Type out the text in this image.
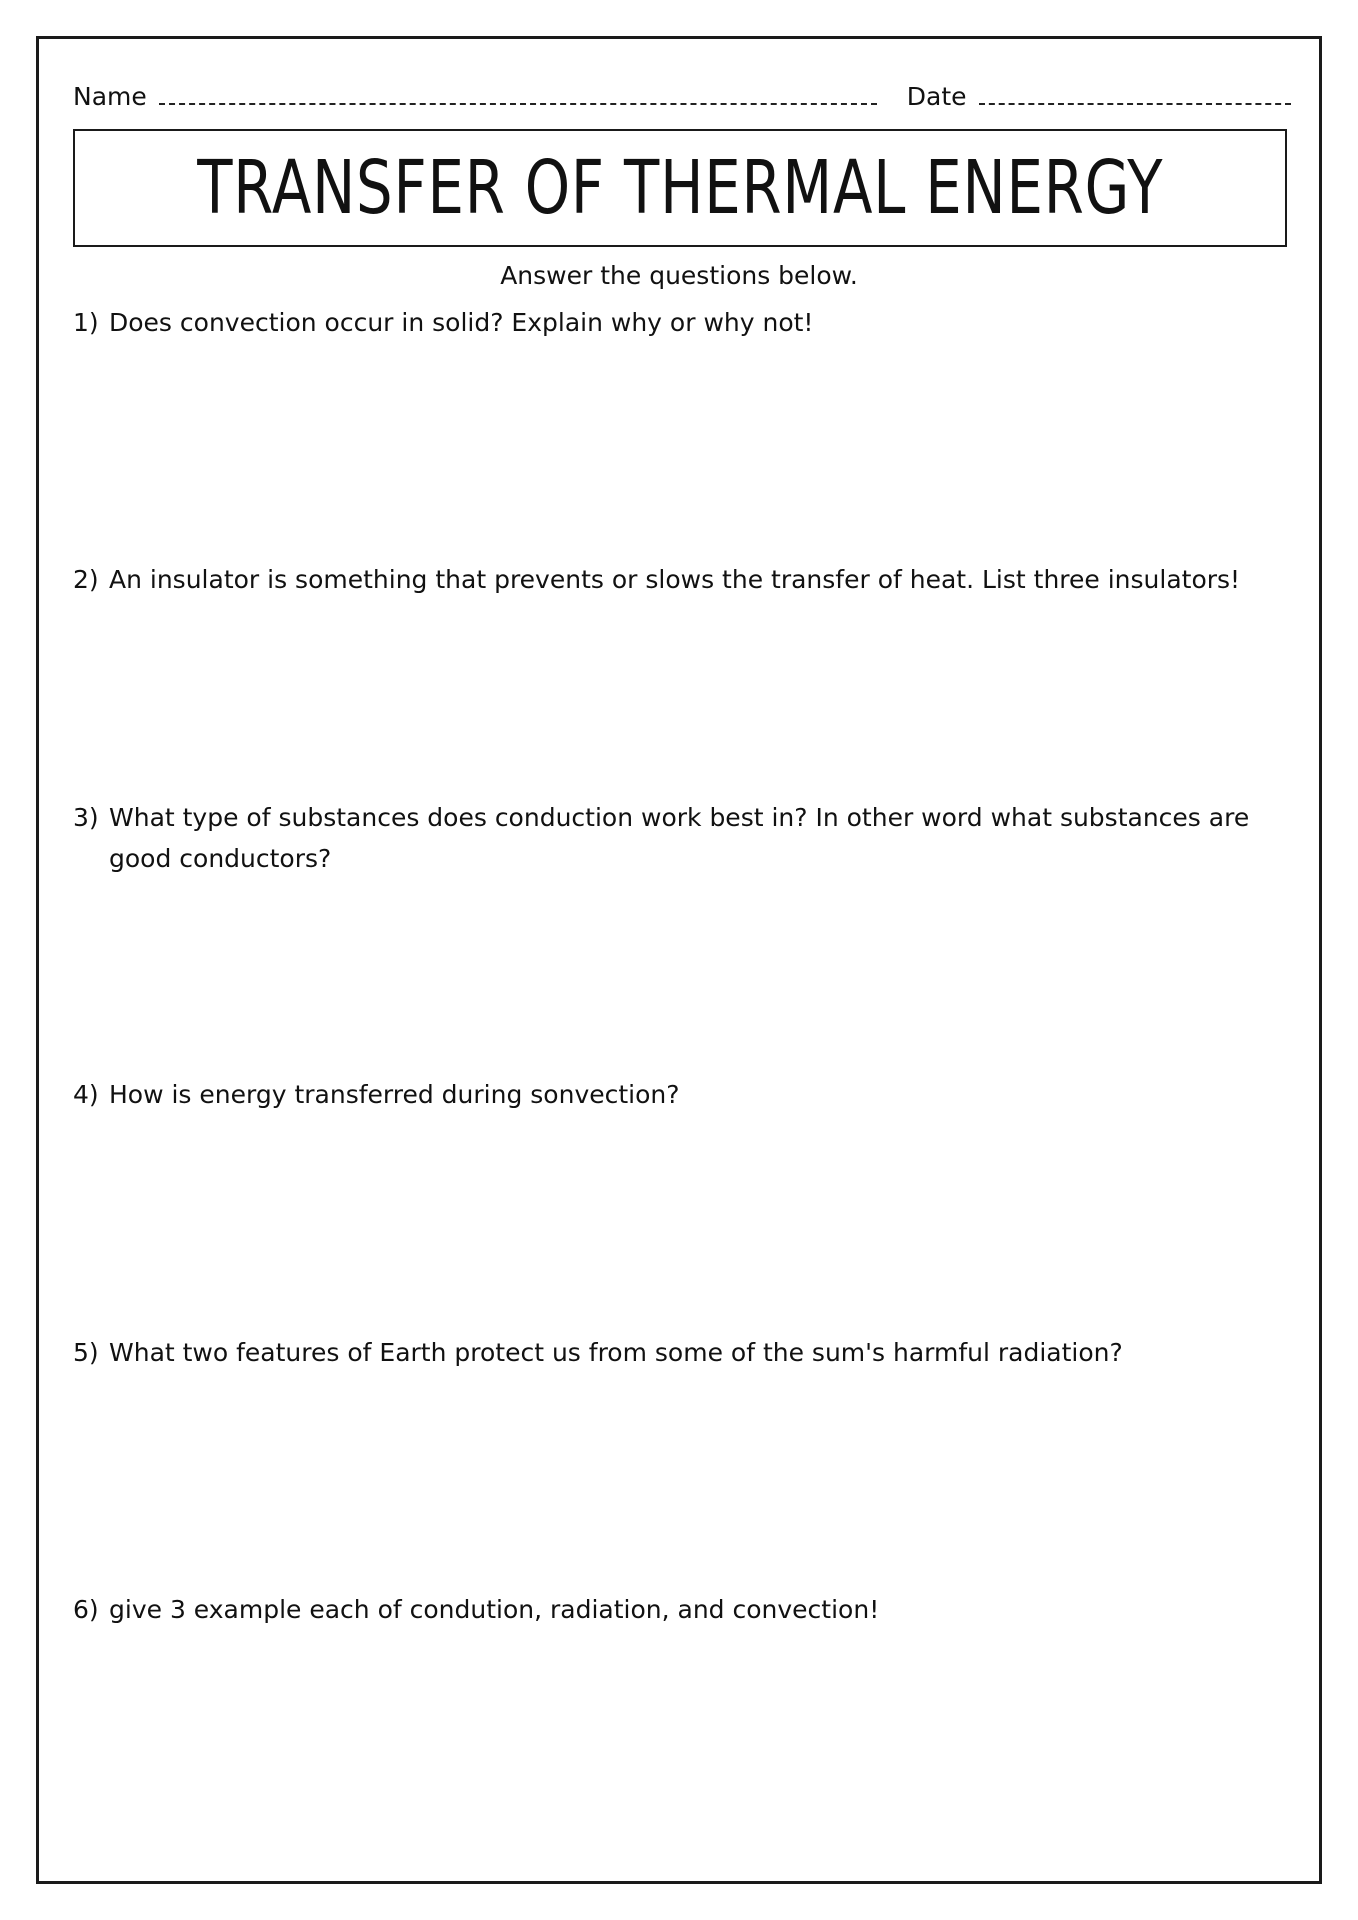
Name	Date
TRANSFER OF THERMAL ENERGY
Answer the questions below.
1) Does convection occur in solid? Explain why or why not!
2) An insulator is something that prevents or slows the transfer of heat. List three insulators!
3) What type of substances does conduction work best in? In other word what substances are good conductors?
4) How is energy transferred during sonvection?
5) What two features of Earth protect us from some of the sum's harmful radiation?
6) give 3 example each of condution, radiation, and convection!
